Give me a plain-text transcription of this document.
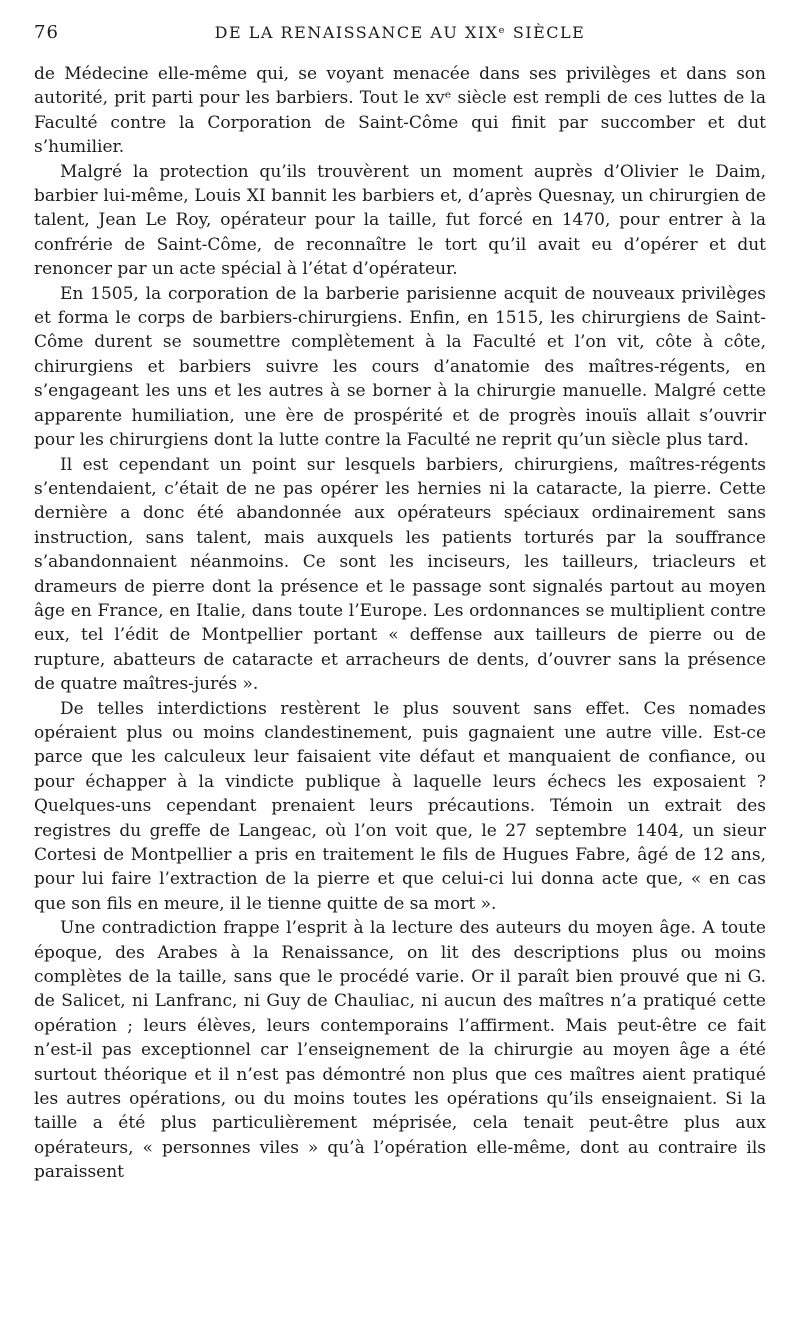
76	DE LA RENAISSANCE AU XIXᵉ SIÈCLE

de Médecine elle-même qui, se voyant menacée dans ses privilèges et dans son autorité, prit parti pour les barbiers. Tout le xvᵉ siècle est rempli de ces luttes de la Faculté contre la Corporation de Saint-Côme qui finit par succomber et dut s’humilier.

Malgré la protection qu’ils trouvèrent un moment auprès d’Olivier le Daim, barbier lui-même, Louis XI bannit les barbiers et, d’après Quesnay, un chirurgien de talent, Jean Le Roy, opérateur pour la taille, fut forcé en 1470, pour entrer à la confrérie de Saint-Côme, de reconnaître le tort qu’il avait eu d’opérer et dut renoncer par un acte spécial à l’état d’opérateur.

En 1505, la corporation de la barberie parisienne acquit de nouveaux privilèges et forma le corps de barbiers-chirurgiens. Enfin, en 1515, les chirurgiens de Saint-Côme durent se soumettre complètement à la Faculté et l’on vit, côte à côte, chirurgiens et barbiers suivre les cours d’anatomie des maîtres-régents, en s’engageant les uns et les autres à se borner à la chirurgie manuelle. Malgré cette apparente humiliation, une ère de prospérité et de progrès inouïs allait s’ouvrir pour les chirurgiens dont la lutte contre la Faculté ne reprit qu’un siècle plus tard.

Il est cependant un point sur lesquels barbiers, chirurgiens, maîtres-régents s’entendaient, c’était de ne pas opérer les hernies ni la cataracte, la pierre. Cette dernière a donc été abandonnée aux opérateurs spéciaux ordinairement sans instruction, sans talent, mais auxquels les patients torturés par la souffrance s’abandonnaient néanmoins. Ce sont les inciseurs, les tailleurs, triacleurs et drameurs de pierre dont la présence et le passage sont signalés partout au moyen âge en France, en Italie, dans toute l’Europe. Les ordonnances se multiplient contre eux, tel l’édit de Montpellier portant « deffense aux tailleurs de pierre ou de rupture, abatteurs de cataracte et arracheurs de dents, d’ouvrer sans la présence de quatre maîtres-jurés ».

De telles interdictions restèrent le plus souvent sans effet. Ces nomades opéraient plus ou moins clandestinement, puis gagnaient une autre ville. Est-ce parce que les calculeux leur faisaient vite défaut et manquaient de confiance, ou pour échapper à la vindicte publique à laquelle leurs échecs les exposaient ? Quelques-uns cependant prenaient leurs précautions. Témoin un extrait des registres du greffe de Langeac, où l’on voit que, le 27 septembre 1404, un sieur Cortesi de Montpellier a pris en traitement le fils de Hugues Fabre, âgé de 12 ans, pour lui faire l’extraction de la pierre et que celui-ci lui donna acte que, « en cas que son fils en meure, il le tienne quitte de sa mort ».

Une contradiction frappe l’esprit à la lecture des auteurs du moyen âge. A toute époque, des Arabes à la Renaissance, on lit des descriptions plus ou moins complètes de la taille, sans que le procédé varie. Or il paraît bien prouvé que ni G. de Salicet, ni Lanfranc, ni Guy de Chauliac, ni aucun des maîtres n’a pratiqué cette opération ; leurs élèves, leurs contemporains l’affirment. Mais peut-être ce fait n’est-il pas exceptionnel car l’enseignement de la chirurgie au moyen âge a été surtout théorique et il n’est pas démontré non plus que ces maîtres aient pratiqué les autres opérations, ou du moins toutes les opérations qu’ils enseignaient. Si la taille a été plus particulièrement méprisée, cela tenait peut-être plus aux opérateurs, « personnes viles » qu’à l’opération elle-même, dont au contraire ils paraissent
